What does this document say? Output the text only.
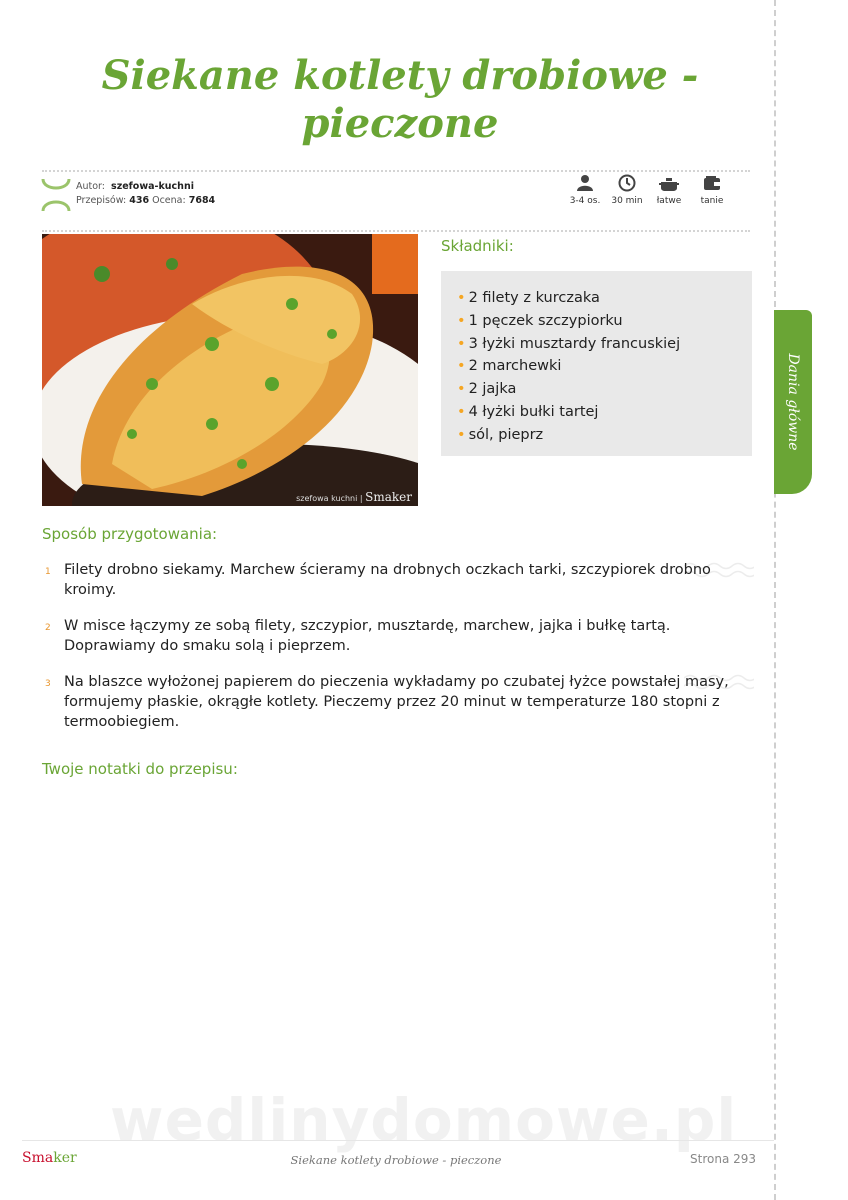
Siekane kotlety drobiowe - pieczone
Autor: szefowa-kuchni
Przepisów: 436 Ocena: 7684	3-4 os.	30 min	łatwe	tanie
szefowa kuchni | Smaker
Składniki:
• 2 filety z kurczaka
• 1 pęczek szczypiorku
• 3 łyżki musztardy francuskiej
• 2 marchewki
• 2 jajka
• 4 łyżki bułki tartej
• sól, pieprz	Dania główne
Sposób przygotowania:
1 Filety drobno siekamy. Marchew ścieramy na drobnych oczkach tarki, szczypiorek drobno kroimy.
2 W misce łączymy ze sobą filety, szczypior, musztardę, marchew, jajka i bułkę tartą. Doprawiamy do smaku solą i pieprzem.
3 Na blaszce wyłożonej papierem do pieczenia wykładamy po czubatej łyżce powstałej masy, formujemy płaskie, okrągłe kotlety. Pieczemy przez 20 minut w temperaturze 180 stopni z termoobiegiem.
Twoje notatki do przepisu:
wedlinydomowe.pl
Smaker	Siekane kotlety drobiowe - pieczone	Strona 293
